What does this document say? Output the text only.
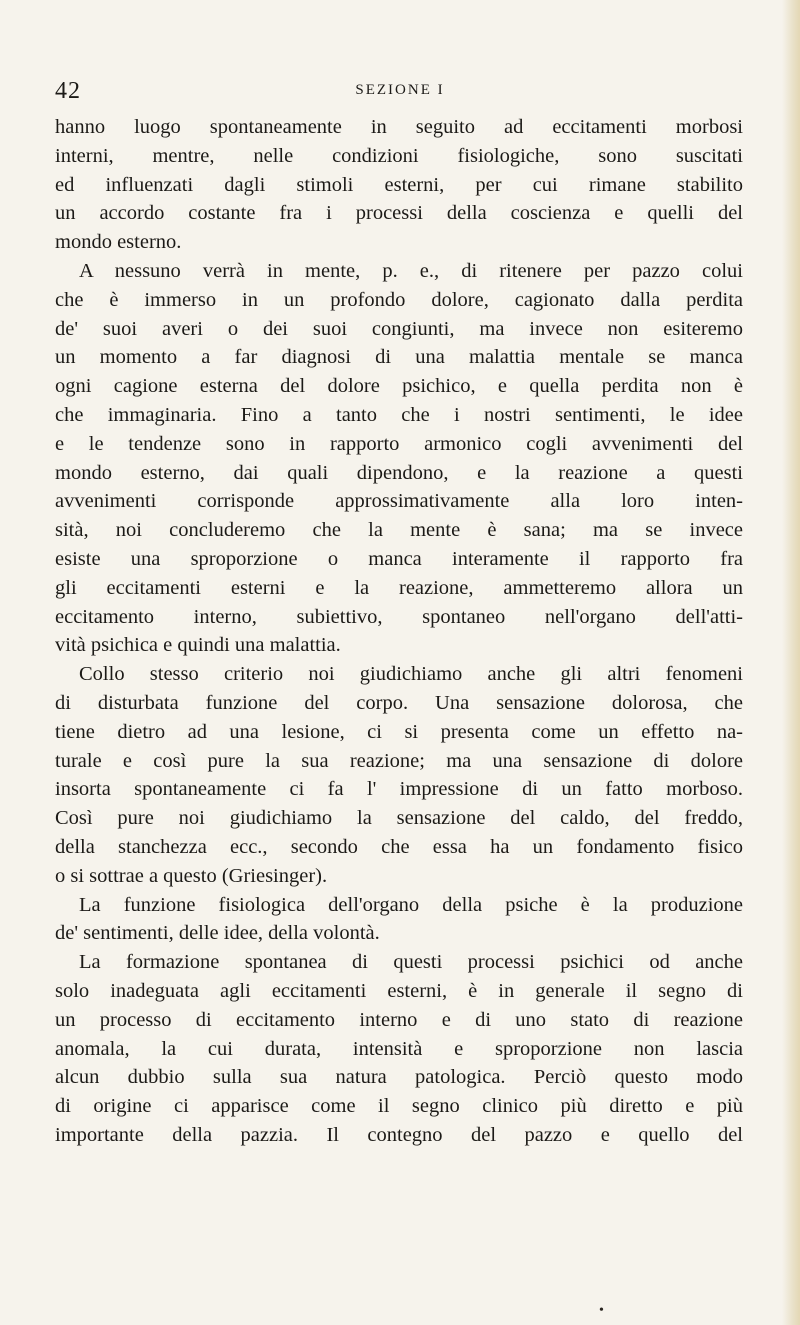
42	SEZIONE I
hanno luogo spontaneamente in seguito ad eccitamenti morbosi
interni, mentre, nelle condizioni fisiologiche, sono suscitati
ed influenzati dagli stimoli esterni, per cui rimane stabilito
un accordo costante fra i processi della coscienza e quelli del
mondo esterno.
A nessuno verrà in mente, p. e., di ritenere per pazzo colui
che è immerso in un profondo dolore, cagionato dalla perdita
de' suoi averi o dei suoi congiunti, ma invece non esiteremo
un momento a far diagnosi di una malattia mentale se manca
ogni cagione esterna del dolore psichico, e quella perdita non è
che immaginaria. Fino a tanto che i nostri sentimenti, le idee
e le tendenze sono in rapporto armonico cogli avvenimenti del
mondo esterno, dai quali dipendono, e la reazione a questi
avvenimenti corrisponde approssimativamente alla loro inten-
sità, noi concluderemo che la mente è sana; ma se invece
esiste una sproporzione o manca interamente il rapporto fra
gli eccitamenti esterni e la reazione, ammetteremo allora un
eccitamento interno, subiettivo, spontaneo nell'organo dell'atti-
vità psichica e quindi una malattia.
Collo stesso criterio noi giudichiamo anche gli altri fenomeni
di disturbata funzione del corpo. Una sensazione dolorosa, che
tiene dietro ad una lesione, ci si presenta come un effetto na-
turale e così pure la sua reazione; ma una sensazione di dolore
insorta spontaneamente ci fa l' impressione di un fatto morboso.
Così pure noi giudichiamo la sensazione del caldo, del freddo,
della stanchezza ecc., secondo che essa ha un fondamento fisico
o si sottrae a questo (Griesinger).
La funzione fisiologica dell'organo della psiche è la produzione
de' sentimenti, delle idee, della volontà.
La formazione spontanea di questi processi psichici od anche
solo inadeguata agli eccitamenti esterni, è in generale il segno di
un processo di eccitamento interno e di uno stato di reazione
anomala, la cui durata, intensità e sproporzione non lascia
alcun dubbio sulla sua natura patologica. Perciò questo modo
di origine ci apparisce come il segno clinico più diretto e più
importante della pazzia. Il contegno del pazzo e quello del
•
